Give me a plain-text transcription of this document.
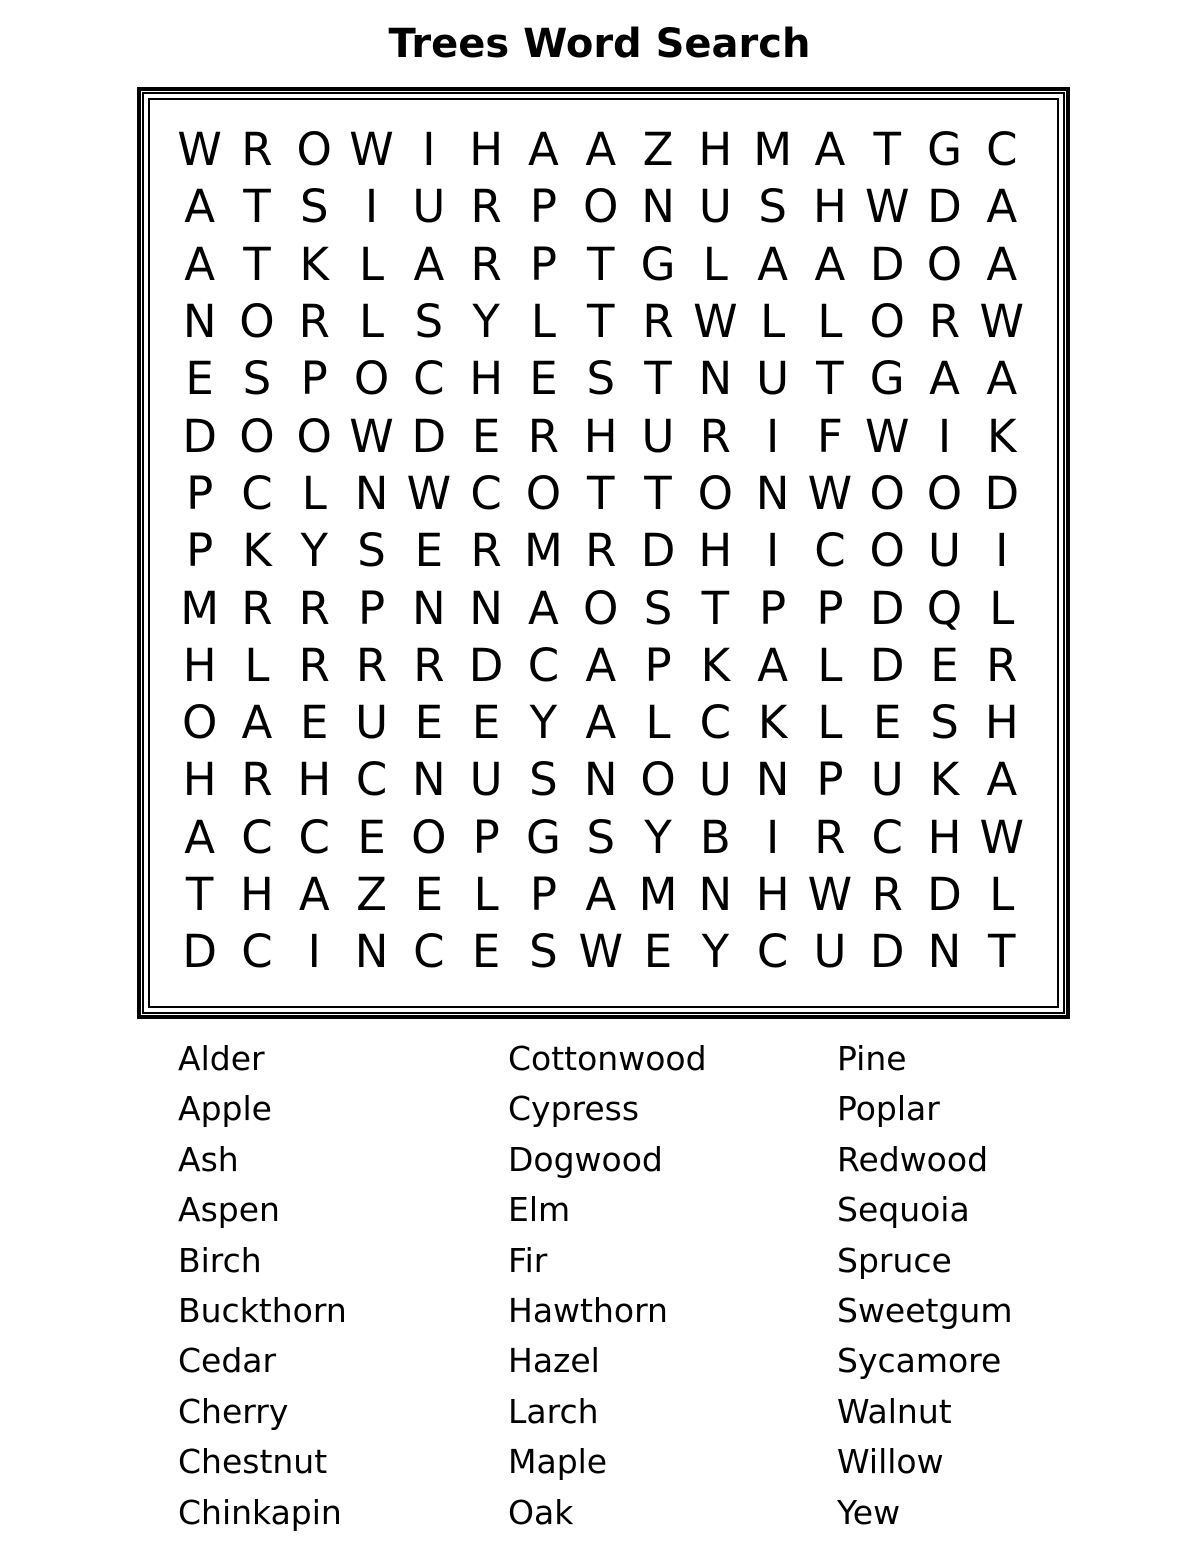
Trees Word Search
W R O W I H A A Z H M A T G C
A T S I U R P O N U S H W D A
A T K L A R P T G L A A D O A
N O R L S Y L T R W L L O R W
E S P O C H E S T N U T G A A
D O O W D E R H U R I F W I K
P C L N W C O T T O N W O O D
P K Y S E R M R D H I C O U I
M R R P N N A O S T P P D Q L
H L R R R D C A P K A L D E R
O A E U E E Y A L C K L E S H
H R H C N U S N O U N P U K A
A C C E O P G S Y B I R C H W
T H A Z E L P A M N H W R D L
D C I N C E S W E Y C U D N T
Alder
Apple
Ash
Aspen
Birch
Buckthorn
Cedar
Cherry
Chestnut
Chinkapin
Cottonwood
Cypress
Dogwood
Elm
Fir
Hawthorn
Hazel
Larch
Maple
Oak
Pine
Poplar
Redwood
Sequoia
Spruce
Sweetgum
Sycamore
Walnut
Willow
Yew
